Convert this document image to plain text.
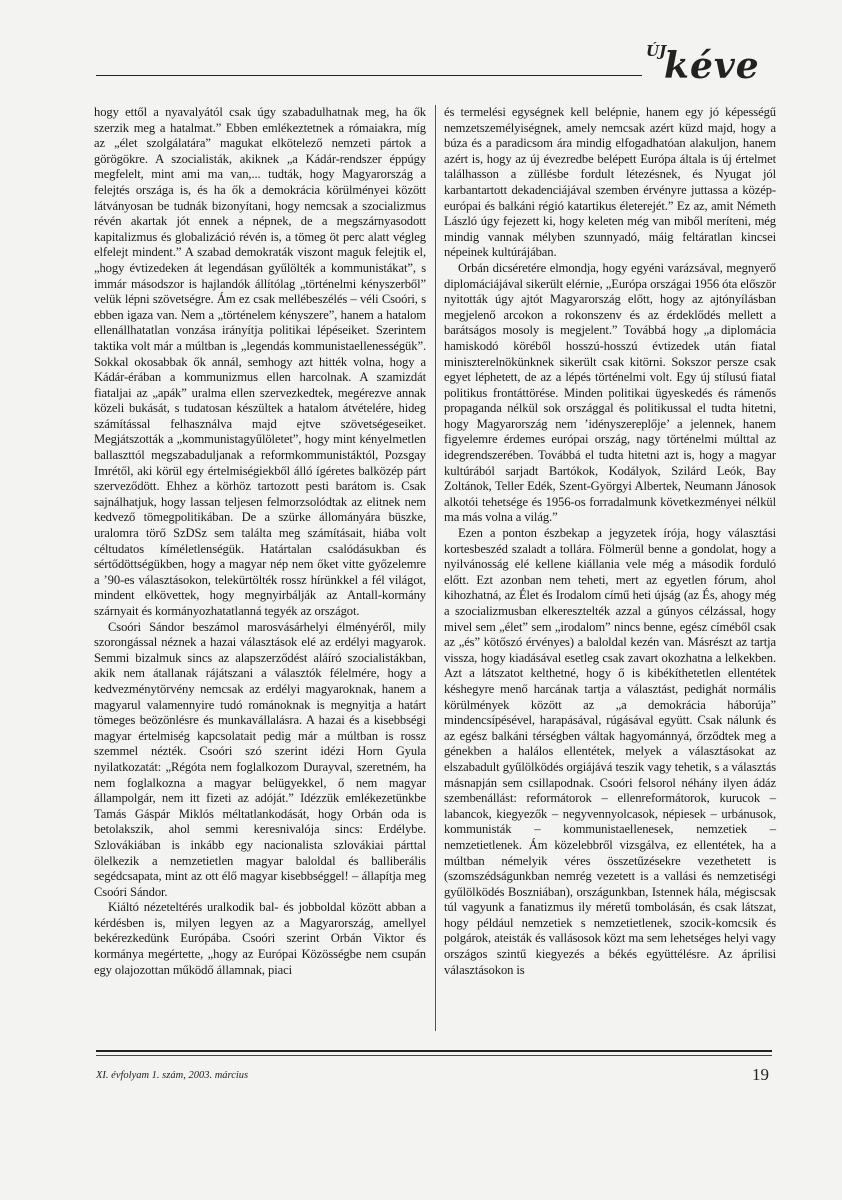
ÚJ
kéve

hogy ettől a nyavalyától csak úgy szabadulhatnak meg, ha ők szerzik meg a hatalmat.” Ebben emlékeztetnek a rómaiakra, míg az „élet szolgálatára” magukat elkötelező nemzeti pártok a görögökre. A szocialisták, akiknek „a Kádár-rendszer éppúgy megfelelt, mint ami ma van,... tudták, hogy Magyarország a felejtés országa is, és ha ők a demokrácia körülményei között látványosan be tudnák bizonyítani, hogy nemcsak a szocializmus révén akartak jót ennek a népnek, de a megszárnyasodott kapitalizmus és globalizáció révén is, a tömeg öt perc alatt végleg elfelejt mindent.” A szabad demokraták viszont maguk felejtik el, „hogy évtizedeken át legendásan gyűlölték a kommunistákat”, s immár másodszor is hajlandók állítólag „történelmi kényszerből” velük lépni szövetségre. Ám ez csak mellébeszélés – véli Csoóri, s ebben igaza van. Nem a „történelem kényszere”, hanem a hatalom ellenállhatatlan vonzása irányítja politikai lépéseiket. Szerintem taktika volt már a múltban is „legendás kommunistaellenességük”. Sokkal okosabbak ők annál, semhogy azt hitték volna, hogy a Kádár-érában a kommunizmus ellen harcolnak. A szamizdát fiataljai az „apák” uralma ellen szervezkedtek, megérezve annak közeli bukását, s tudatosan készültek a hatalom átvételére, hideg számítással felhasználva majd ejtve szövetségeseiket. Megjátszották a „kommunistagyűlöletet”, hogy mint kényelmetlen ballaszttól megszabaduljanak a reformkommunistáktól, Pozsgay Imrétől, aki körül egy értelmiségiekből álló ígéretes balközép párt szerveződött. Ehhez a körhöz tartozott pesti barátom is. Csak sajnálhatjuk, hogy lassan teljesen felmorzsolódtak az elitnek nem kedvező tömegpolitikában. De a szürke állományára büszke, uralomra törő SzDSz sem találta meg számításait, hiába volt céltudatos kíméletlenségük. Határtalan csalódásukban és sértődöttségükben, hogy a magyar nép nem őket vitte győzelemre a ’90-es választásokon, telekürtölték rossz hírünkkel a fél világot, mindent elkövettek, hogy megnyirbálják az Antall-kormány szárnyait és kormányozhatatlanná tegyék az országot.

Csoóri Sándor beszámol marosvásárhelyi élményéről, mily szorongással néznek a hazai választások elé az erdélyi magyarok. Semmi bizalmuk sincs az alapszerződést aláíró szocialistákban, akik nem átallanak rájátszani a választók félelmére, hogy a kedvezménytörvény nemcsak az erdélyi magyaroknak, hanem a magyarul valamennyire tudó románoknak is megnyitja a határt tömeges beözönlésre és munkavállalásra. A hazai és a kisebbségi magyar értelmiség kapcsolatait pedig már a múltban is rossz szemmel nézték. Csoóri szó szerint idézi Horn Gyula nyilatkozatát: „Régóta nem foglalkozom Durayval, szeretném, ha nem foglalkozna a magyar belügyekkel, ő nem magyar állampolgár, nem itt fizeti az adóját.” Idézzük emlékezetünkbe Tamás Gáspár Miklós méltatlankodását, hogy Orbán oda is betolakszik, ahol semmi keresnivalója sincs: Erdélybe. Szlovákiában is inkább egy nacionalista szlovákiai párttal ölelkezik a nemzetietlen magyar baloldal és balliberális segédcsapata, mint az ott élő magyar kisebbséggel! – állapítja meg Csoóri Sándor.

Kiáltó nézeteltérés uralkodik bal- és jobboldal között abban a kérdésben is, milyen legyen az a Magyarország, amellyel bekérezkedünk Európába. Csoóri szerint Orbán Viktor és kormánya megértette, „hogy az Európai Közösségbe nem csupán egy olajozottan működő államnak, piaci

és termelési egységnek kell belépnie, hanem egy jó képességű nemzetszemélyiségnek, amely nemcsak azért küzd majd, hogy a búza és a paradicsom ára mindig elfogadhatóan alakuljon, hanem azért is, hogy az új évezredbe belépett Európa általa is új értelmet találhasson a züllésbe fordult létezésnek, és Nyugat jól karbantartott dekadenciájával szemben érvényre juttassa a közép-európai és balkáni régió katartikus életerejét.” Ez az, amit Németh László úgy fejezett ki, hogy keleten még van miből meríteni, még mindig vannak mélyben szunnyadó, máig feltáratlan kincsei népeinek kultúrájában.

Orbán dicséretére elmondja, hogy egyéni varázsával, megnyerő diplomáciájával sikerült elérnie, „Európa országai 1956 óta először nyitották úgy ajtót Magyarország előtt, hogy az ajtónyílásban megjelenő arcokon a rokonszenv és az érdeklődés mellett a barátságos mosoly is megjelent.” Továbbá hogy „a diplomácia hamiskodó köréből hosszú-hosszú évtizedek után fiatal miniszterelnökünknek sikerült csak kitörni. Sokszor persze csak egyet léphetett, de az a lépés történelmi volt. Egy új stílusú fiatal politikus frontáttörése. Minden politikai ügyeskedés és rámenős propaganda nélkül sok országgal és politikussal el tudta hitetni, hogy Magyarország nem ’idényszereplője’ a jelennek, hanem figyelemre érdemes európai ország, nagy történelmi múlttal az idegrendszerében. Továbbá el tudta hitetni azt is, hogy a magyar kultúrából sarjadt Bartókok, Kodályok, Szilárd Leók, Bay Zoltánok, Teller Edék, Szent-Györgyi Albertek, Neumann Jánosok alkotói tehetsége és 1956-os forradalmunk következményei nélkül ma más volna a világ.”

Ezen a ponton észbekap a jegyzetek írója, hogy választási kortesbeszéd szaladt a tollára. Fölmerül benne a gondolat, hogy a nyilvánosság elé kellene kiállania vele még a második forduló előtt. Ezt azonban nem teheti, mert az egyetlen fórum, ahol kihozhatná, az Élet és Irodalom című heti újság (az És, ahogy még a szocializmusban elkeresztelték azzal a gúnyos célzással, hogy mivel sem „élet” sem „irodalom” nincs benne, egész címéből csak az „és” kötőszó érvényes) a baloldal kezén van. Másrészt az tartja vissza, hogy kiadásával esetleg csak zavart okozhatna a lelkekben. Azt a látszatot kelthetné, hogy ő is kibékíthetetlen ellentétek késhegyre menő harcának tartja a választást, pedighát normális körülmények között az „a demokrácia háborúja” mindencsípésével, harapásával, rúgásával együtt. Csak nálunk és az egész balkáni térségben váltak hagyománnyá, őrződtek meg a génekben a halálos ellentétek, melyek a választásokat az elszabadult gyűlölködés orgiájává teszik vagy tehetik, s a választás másnapján sem csillapodnak. Csoóri felsorol néhány ilyen ádáz szembenállást: reformátorok – ellenreformátorok, kurucok – labancok, kiegyezők – negyvennyolcasok, népiesek – urbánusok, kommunisták – kommunistaellenesek, nemzetiek – nemzetietlenek. Ám közelebbről vizsgálva, ez ellentétek, ha a múltban némelyik véres összetűzésekre vezethetett is (szomszédságunkban nemrég vezetett is a vallási és nemzetiségi gyűlölködés Boszniában), országunkban, Istennek hála, mégiscsak túl vagyunk a fanatizmus ily méretű tombolásán, és csak látszat, hogy például nemzetiek s nemzetietlenek, szocik-komcsik és polgárok, ateisták és vallásosok közt ma sem lehetséges helyi vagy országos szintű kiegyezés a békés együttélésre. Az áprilisi választásokon is

XI. évfolyam 1. szám, 2003. március	19
